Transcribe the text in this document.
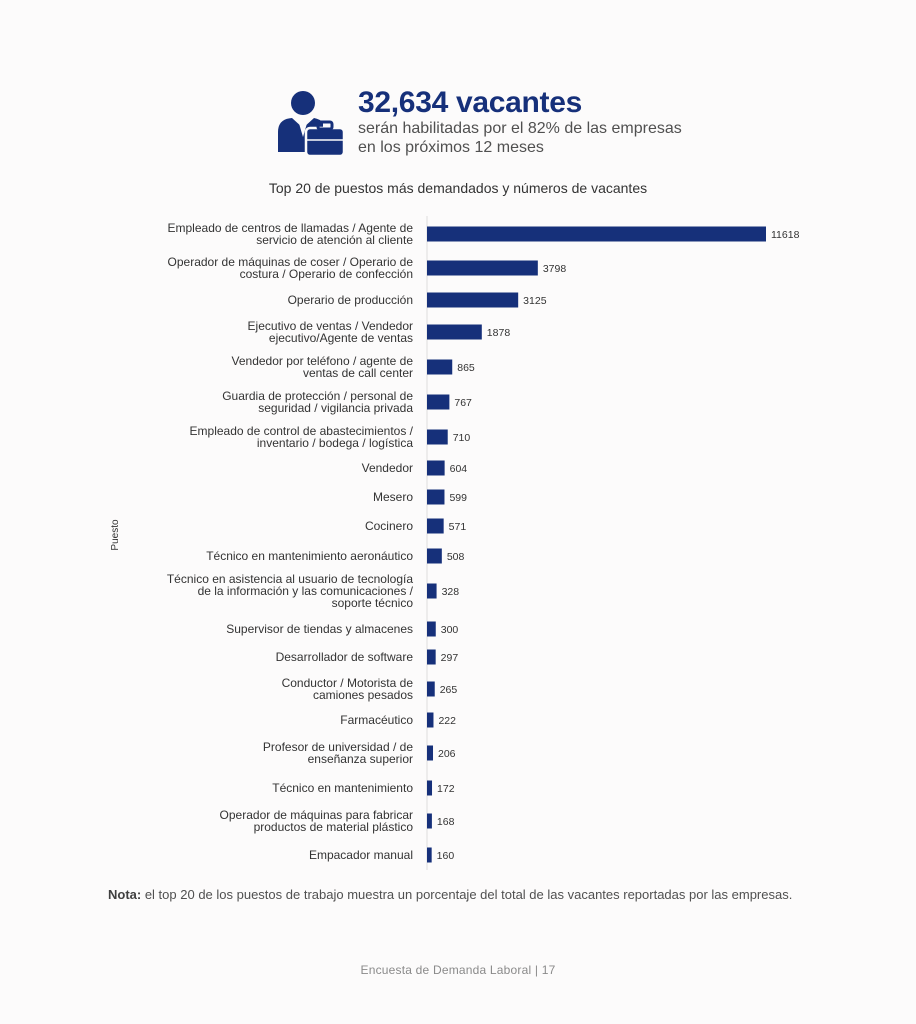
32,634 vacantes
serán habilitadas por el 82% de las empresas en los próximos 12 meses
Top 20 de puestos más demandados y números de vacantes
11618
Empleado de centros de llamadas / Agente de
servicio de atención al cliente
3798
Operador de máquinas de coser / Operario de
costura / Operario de confección
3125
Operario de producción
1878
Ejecutivo de ventas / Vendedor
ejecutivo/Agente de ventas
865
Vendedor por teléfono / agente de
ventas de call center
767
Guardia de protección / personal de
seguridad / vigilancia privada
710
Empleado de control de abastecimientos /
inventario / bodega / logística
604
Vendedor
599
Mesero
571
Cocinero
508
Técnico en mantenimiento aeronáutico
328
Técnico en asistencia al usuario de tecnología
de la información y las comunicaciones /
soporte técnico
300
Supervisor de tiendas y almacenes
297
Desarrollador de software
265
Conductor / Motorista de
camiones pesados
222
Farmacéutico
206
Profesor de universidad / de
enseñanza superior
172
Técnico en mantenimiento
168
Operador de máquinas para fabricar
productos de material plástico
160
Empacador manual
Puesto
Nota: el top 20 de los puestos de trabajo muestra un porcentaje del total de las vacantes reportadas por las empresas.
Encuesta de Demanda Laboral | 17
